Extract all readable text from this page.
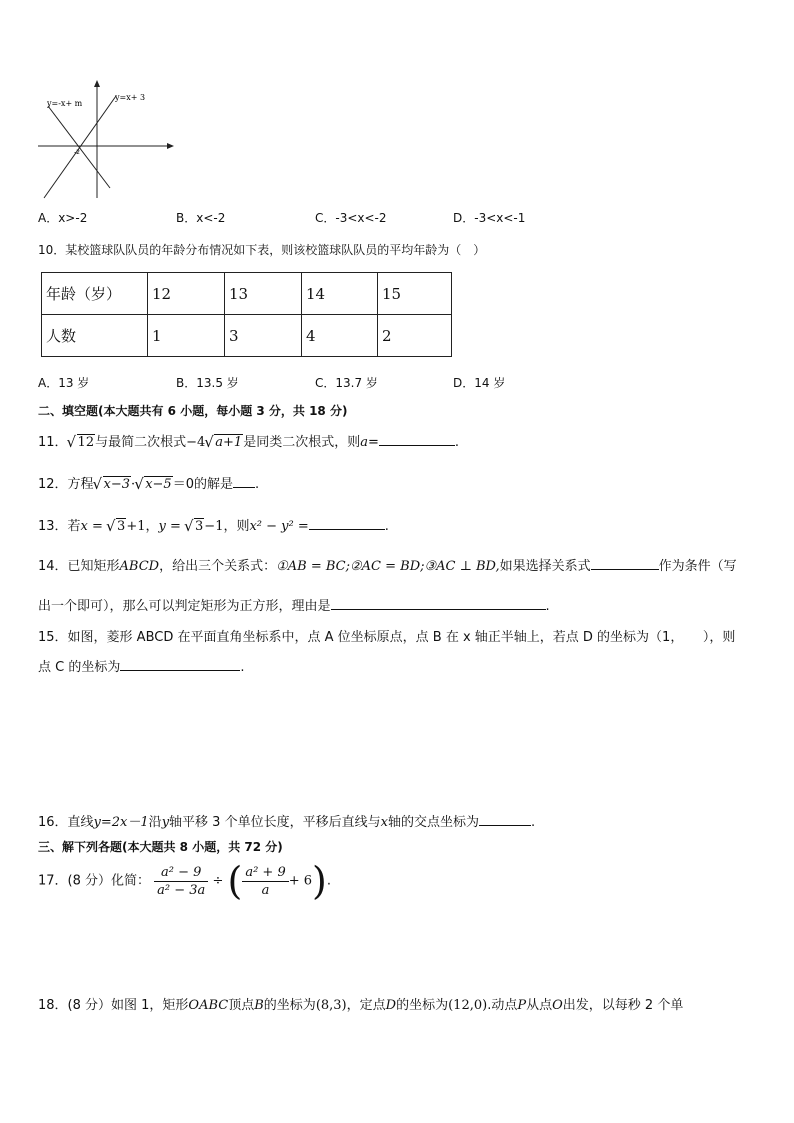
y=-x+ m
y=x+ 3
-2
A．x>-2	B．x<-2	C．-3<x<-2	D．-3<x<-1
10．某校篮球队队员的年龄分布情况如下表，则该校篮球队队员的平均年龄为（　）
年龄（岁）	12	13	14	15
人数	1	3	4	2
A．13 岁	B．13.5 岁	C．13.7 岁	D．14 岁
二、填空题(本大题共有 6 小题，每小题 3 分，共 18 分)
11． √ 12与最简二次根式−4 √ a+1是同类二次根式，则a=	.
12．方程 √ x−3· √ x−5＝0的解是 .
13．若x = √ 3+1，y = √ 3−1，则x² − y² =	.
14．已知矩形ABCD，给出三个关系式：①AB = BC;②AC = BD;③AC ⊥ BD,如果选择关系式	作为条件（写
出一个即可），那么可以判定矩形为正方形，理由是	.
15．如图，菱形 ABCD 在平面直角坐标系中，点 A 位坐标原点，点 B 在 x 轴正半轴上，若点 D 的坐标为（1，　　），则
点 C 的坐标为	.
16．直线y=2x－1沿y轴平移 3 个单位长度，平移后直线与x轴的交点坐标为	.
三、解下列各题(本大题共 8 小题，共 72 分)
17．(8 分）化简： $\frac{\text{a² − 9}}{\text{a² − 3a}}$ ÷ ( $\frac{\text{a² + 9}}{a} + 6$).
18．(8 分）如图 1，矩形OABC顶点B的坐标为(8,3)，定点D的坐标为(12,0).动点P从点O出发，以每秒 2 个单
